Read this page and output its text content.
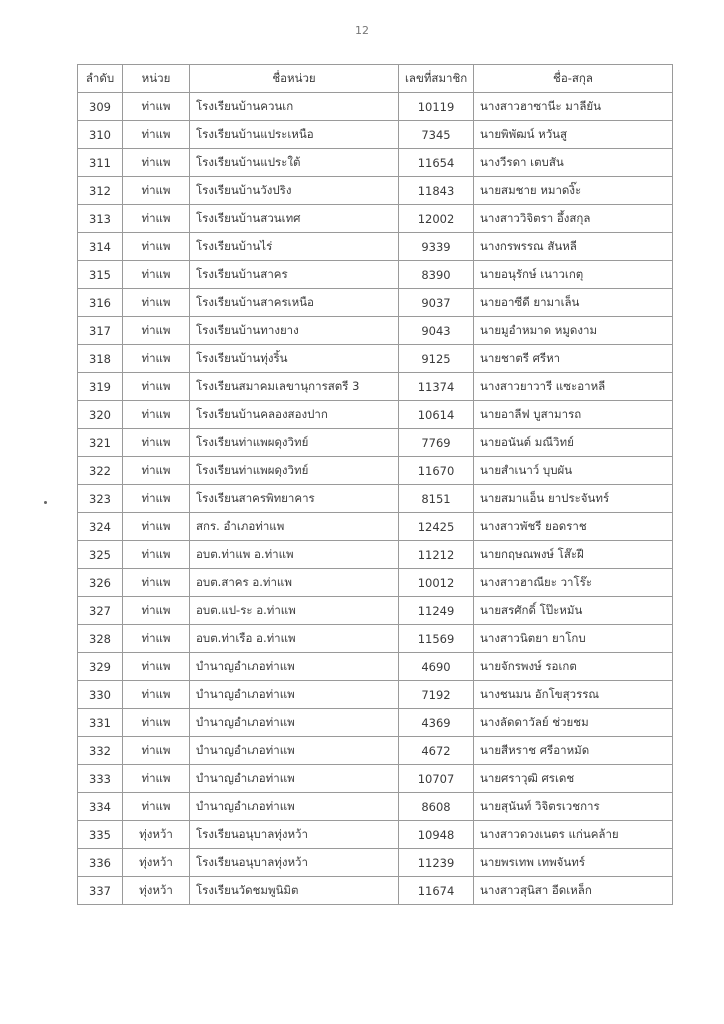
12
ลำดับ	หน่วย	ชื่อหน่วย	เลขที่สมาชิก	ชื่อ-สกุล
309	ท่าแพ	โรงเรียนบ้านควนเก	10119	นางสาวฮาซานีะ มาลียัน
310	ท่าแพ	โรงเรียนบ้านแประเหนือ	7345	นายพิพัฒน์ หวันสู
311	ท่าแพ	โรงเรียนบ้านแประใต้	11654	นางวีรดา เตบสัน
312	ท่าแพ	โรงเรียนบ้านวังปริง	11843	นายสมชาย หมาดงิ๊ะ
313	ท่าแพ	โรงเรียนบ้านสวนเทศ	12002	นางสาววิจิตรา อึ้งสกุล
314	ท่าแพ	โรงเรียนบ้านไร่	9339	นางกรพรรณ สันหลี
315	ท่าแพ	โรงเรียนบ้านสาคร	8390	นายอนุรักษ์ เนาวเกตุ
316	ท่าแพ	โรงเรียนบ้านสาครเหนือ	9037	นายอาซีดี ยามาเล็น
317	ท่าแพ	โรงเรียนบ้านทางยาง	9043	นายมูอำหมาด หมูดงาม
318	ท่าแพ	โรงเรียนบ้านทุ่งริ้น	9125	นายชาตรี ศรีหา
319	ท่าแพ	โรงเรียนสมาคมเลขานุการสตรี 3	11374	นางสาวยาวารี แซะอาหลี
320	ท่าแพ	โรงเรียนบ้านคลองสองปาก	10614	นายอาลีฟ บูสามารถ
321	ท่าแพ	โรงเรียนท่าแพผดุงวิทย์	7769	นายอนันต์ มณีวิทย์
322	ท่าแพ	โรงเรียนท่าแพผดุงวิทย์	11670	นายสำเนาว์ บุบผัน
323	ท่าแพ	โรงเรียนสาครพิทยาคาร	8151	นายสมาแอ็น ยาประจันทร์
324	ท่าแพ	สกร. อำเภอท่าแพ	12425	นางสาวพัชรี ยอดราช
325	ท่าแพ	อบต.ท่าแพ อ.ท่าแพ	11212	นายกฤษณพงษ์ โส๊ะฝี
326	ท่าแพ	อบต.สาคร อ.ท่าแพ	10012	นางสาวฮาณียะ วาโร๊ะ
327	ท่าแพ	อบต.แป-ระ อ.ท่าแพ	11249	นายสรศักดิ์ โป๊ะหมัน
328	ท่าแพ	อบต.ท่าเรือ อ.ท่าแพ	11569	นางสาวนิตยา ยาโกบ
329	ท่าแพ	บำนาญอำเภอท่าแพ	4690	นายจักรพงษ์ รอเกต
330	ท่าแพ	บำนาญอำเภอท่าแพ	7192	นางชนมน อักโขสุวรรณ
331	ท่าแพ	บำนาญอำเภอท่าแพ	4369	นางลัดดาวัลย์ ช่วยชม
332	ท่าแพ	บำนาญอำเภอท่าแพ	4672	นายสีหราช ศรีอาหมัด
333	ท่าแพ	บำนาญอำเภอท่าแพ	10707	นายศราวุฒิ ศรเดช
334	ท่าแพ	บำนาญอำเภอท่าแพ	8608	นายสุนันท์ วิจิตรเวชการ
335	ทุ่งหว้า	โรงเรียนอนุบาลทุ่งหว้า	10948	นางสาวดวงเนตร แก่นคล้าย
336	ทุ่งหว้า	โรงเรียนอนุบาลทุ่งหว้า	11239	นายพรเทพ เทพจันทร์
337	ทุ่งหว้า	โรงเรียนวัดชมพูนิมิต	11674	นางสาวสุนิสา อีดเหล็ก
